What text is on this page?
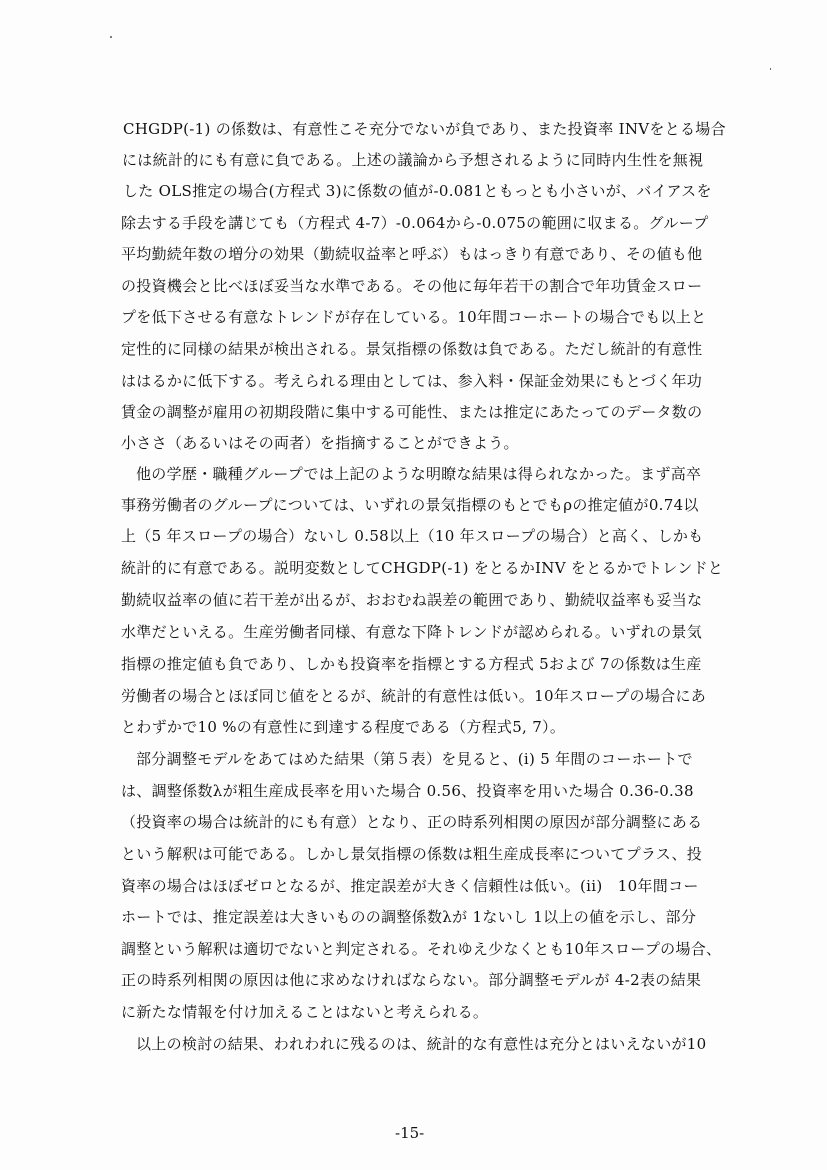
CHGDP(-1) の係数は、有意性こそ充分でないが負であり、また投資率 INVをとる場合
には統計的にも有意に負である。上述の議論から予想されるように同時内生性を無視
した OLS推定の場合(方程式 3)に係数の値が-0.081ともっとも小さいが、バイアスを
除去する手段を講じても（方程式 4-7）-0.064から-0.075の範囲に収まる。グループ
平均勤続年数の増分の効果（勤続収益率と呼ぶ）もはっきり有意であり、その値も他
の投資機会と比べほぼ妥当な水準である。その他に毎年若干の割合で年功賃金スロー
プを低下させる有意なトレンドが存在している。10年間コーホートの場合でも以上と
定性的に同様の結果が検出される。景気指標の係数は負である。ただし統計的有意性
ははるかに低下する。考えられる理由としては、参入料・保証金効果にもとづく年功
賃金の調整が雇用の初期段階に集中する可能性、または推定にあたってのデータ数の
小ささ（あるいはその両者）を指摘することができよう。
他の学歴・職種グループでは上記のような明瞭な結果は得られなかった。まず高卒
事務労働者のグループについては、いずれの景気指標のもとでもρの推定値が0.74以
上（5 年スロープの場合）ないし 0.58以上（10 年スロープの場合）と高く、しかも
統計的に有意である。説明変数としてCHGDP(-1) をとるかINV をとるかでトレンドと
勤続収益率の値に若干差が出るが、おおむね誤差の範囲であり、勤続収益率も妥当な
水準だといえる。生産労働者同様、有意な下降トレンドが認められる。いずれの景気
指標の推定値も負であり、しかも投資率を指標とする方程式 5および 7の係数は生産
労働者の場合とほぼ同じ値をとるが、統計的有意性は低い。10年スロープの場合にあ
とわずかで10 %の有意性に到達する程度である（方程式5, 7）。
部分調整モデルをあてはめた結果（第５表）を見ると、(i) 5 年間のコーホートで
は、調整係数λが粗生産成長率を用いた場合 0.56、投資率を用いた場合 0.36-0.38
（投資率の場合は統計的にも有意）となり、正の時系列相関の原因が部分調整にある
という解釈は可能である。しかし景気指標の係数は粗生産成長率についてプラス、投
資率の場合はほぼゼロとなるが、推定誤差が大きく信頼性は低い。(ii)　10年間コー
ホートでは、推定誤差は大きいものの調整係数λが 1ないし 1以上の値を示し、部分
調整という解釈は適切でないと判定される。それゆえ少なくとも10年スロープの場合、
正の時系列相関の原因は他に求めなければならない。部分調整モデルが 4-2表の結果
に新たな情報を付け加えることはないと考えられる。
以上の検討の結果、われわれに残るのは、統計的な有意性は充分とはいえないが10
-15-
